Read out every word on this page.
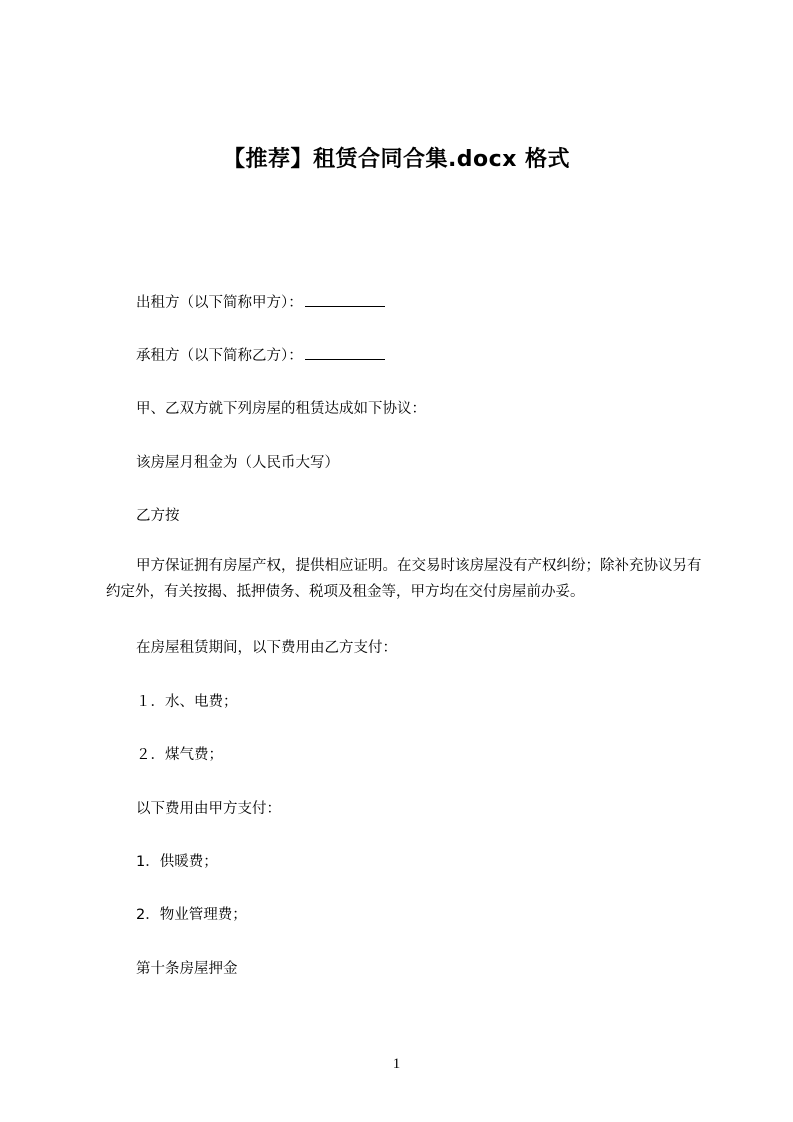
【推荐】租赁合同合集.docx 格式
出租方（以下简称甲方）：
承租方（以下简称乙方）：
甲、乙双方就下列房屋的租赁达成如下协议：
该房屋月租金为（人民币大写）
乙方按
甲方保证拥有房屋产权，提供相应证明。在交易时该房屋没有产权纠纷；除补充协议另有约定外，有关按揭、抵押债务、税项及租金等，甲方均在交付房屋前办妥。
在房屋租赁期间，以下费用由乙方支付：
１．水、电费；
２．煤气费；
以下费用由甲方支付：
1．供暖费；
2．物业管理费；
第十条房屋押金
1
